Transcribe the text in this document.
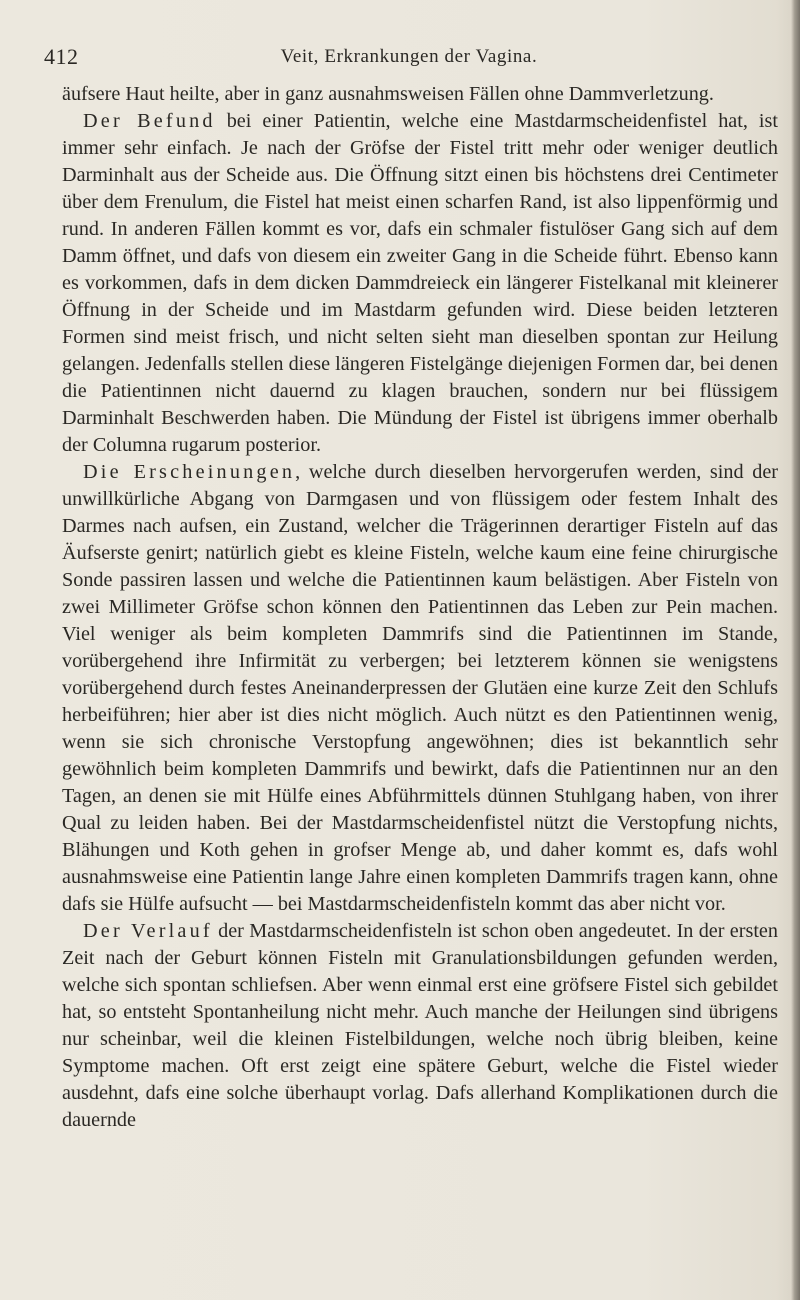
412	Veit, Erkrankungen der Vagina.

äufsere Haut heilte, aber in ganz ausnahmsweisen Fällen ohne Dammverletzung.

Der Befund bei einer Patientin, welche eine Mastdarmscheidenfistel hat, ist immer sehr einfach. Je nach der Gröfse der Fistel tritt mehr oder weniger deutlich Darminhalt aus der Scheide aus. Die Öffnung sitzt einen bis höchstens drei Centimeter über dem Frenulum, die Fistel hat meist einen scharfen Rand, ist also lippenförmig und rund. In anderen Fällen kommt es vor, dafs ein schmaler fistulöser Gang sich auf dem Damm öffnet, und dafs von diesem ein zweiter Gang in die Scheide führt. Ebenso kann es vorkommen, dafs in dem dicken Dammdreieck ein längerer Fistelkanal mit kleinerer Öffnung in der Scheide und im Mastdarm gefunden wird. Diese beiden letzteren Formen sind meist frisch, und nicht selten sieht man dieselben spontan zur Heilung gelangen. Jedenfalls stellen diese längeren Fistelgänge diejenigen Formen dar, bei denen die Patientinnen nicht dauernd zu klagen brauchen, sondern nur bei flüssigem Darminhalt Beschwerden haben. Die Mündung der Fistel ist übrigens immer oberhalb der Columna rugarum posterior.

Die Erscheinungen, welche durch dieselben hervorgerufen werden, sind der unwillkürliche Abgang von Darmgasen und von flüssigem oder festem Inhalt des Darmes nach aufsen, ein Zustand, welcher die Trägerinnen derartiger Fisteln auf das Äufserste genirt; natürlich giebt es kleine Fisteln, welche kaum eine feine chirurgische Sonde passiren lassen und welche die Patientinnen kaum belästigen. Aber Fisteln von zwei Millimeter Gröfse schon können den Patientinnen das Leben zur Pein machen. Viel weniger als beim kompleten Dammrifs sind die Patientinnen im Stande, vorübergehend ihre Infirmität zu verbergen; bei letzterem können sie wenigstens vorübergehend durch festes Aneinanderpressen der Glutäen eine kurze Zeit den Schlufs herbeiführen; hier aber ist dies nicht möglich. Auch nützt es den Patientinnen wenig, wenn sie sich chronische Verstopfung angewöhnen; dies ist bekanntlich sehr gewöhnlich beim kompleten Dammrifs und bewirkt, dafs die Patientinnen nur an den Tagen, an denen sie mit Hülfe eines Abführmittels dünnen Stuhlgang haben, von ihrer Qual zu leiden haben. Bei der Mastdarmscheidenfistel nützt die Verstopfung nichts, Blähungen und Koth gehen in grofser Menge ab, und daher kommt es, dafs wohl ausnahmsweise eine Patientin lange Jahre einen kompleten Dammrifs tragen kann, ohne dafs sie Hülfe aufsucht — bei Mastdarmscheidenfisteln kommt das aber nicht vor.

Der Verlauf der Mastdarmscheidenfisteln ist schon oben angedeutet. In der ersten Zeit nach der Geburt können Fisteln mit Granulationsbildungen gefunden werden, welche sich spontan schliefsen. Aber wenn einmal erst eine gröfsere Fistel sich gebildet hat, so entsteht Spontanheilung nicht mehr. Auch manche der Heilungen sind übrigens nur scheinbar, weil die kleinen Fistelbildungen, welche noch übrig bleiben, keine Symptome machen. Oft erst zeigt eine spätere Geburt, welche die Fistel wieder ausdehnt, dafs eine solche überhaupt vorlag. Dafs allerhand Komplikationen durch die dauernde
